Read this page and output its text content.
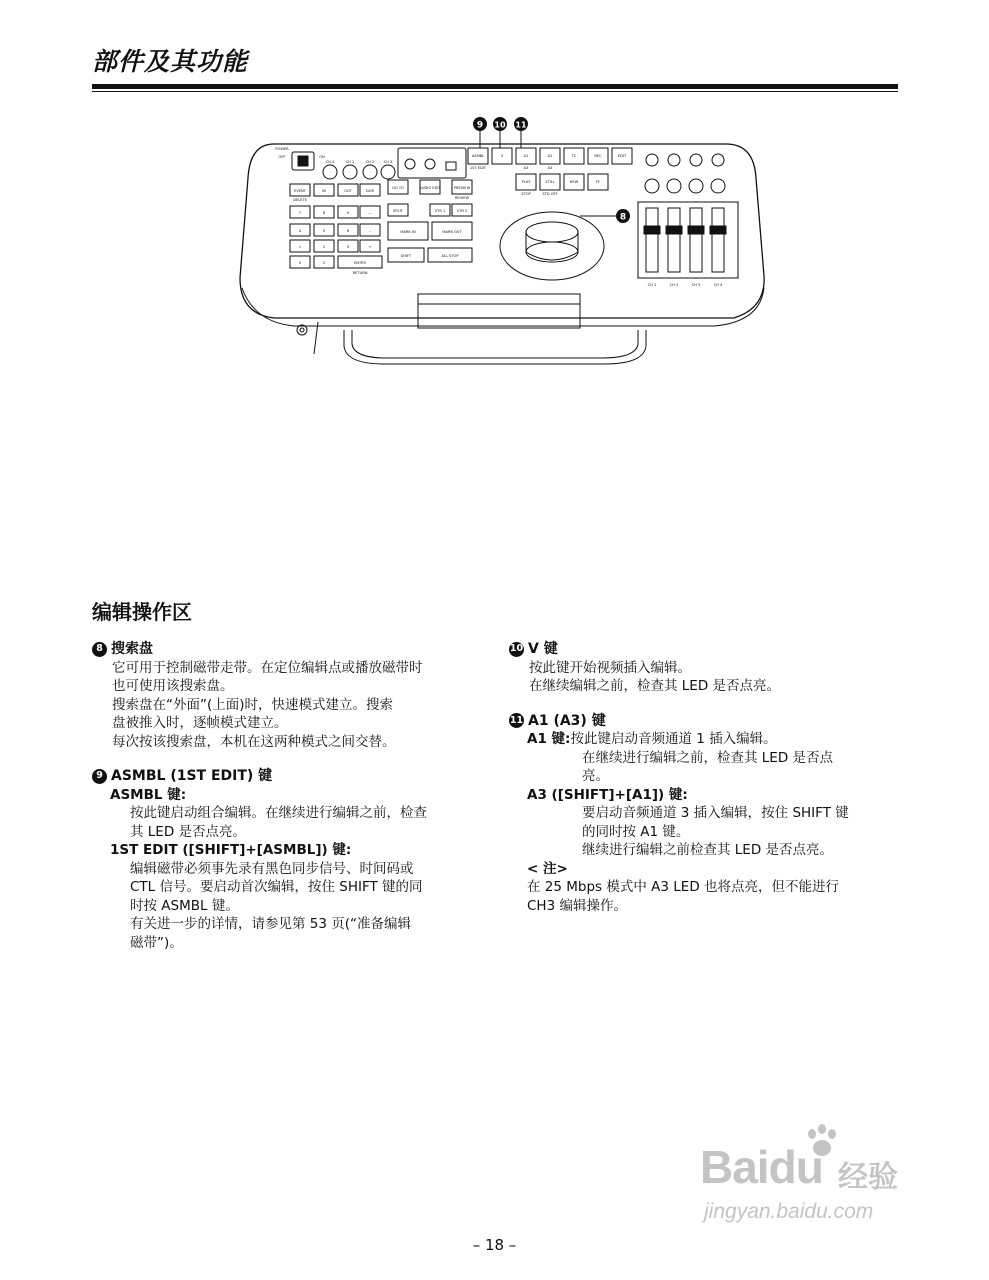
部件及其功能
9 10 11
8
POWER
OFF	ON
CH 1	CH 2	CH 3
CH 4
ASMBL
1ST EDIT
V	A1
A3
A2
A4
TC	REC	EDIT
PLAY
STOP
STILL
STD OFF
REW	FF
EVENT
DELETE
IN	OUT	DUR
GO TO	AUDIO EDIT	PREVIEW
REVIEW
SPLIT	VTR 1	VTR 2
MARK IN	MARK OUT
SHIFT	ALL STOP
ENTER
RETURN
7	8	9	––
4	5	6	–
1	2	3	+
0	C
CH 1	CH 2	CH 3	CH 4
编辑操作区
8 搜索盘
它可用于控制磁带走带。在定位编辑点或播放磁带时
也可使用该搜索盘。
搜索盘在“外面”(上面)时，快速模式建立。搜索
盘被推入时，逐帧模式建立。
每次按该搜索盘，本机在这两种模式之间交替。
9 ASMBL (1ST EDIT) 键
ASMBL 键:
按此键启动组合编辑。在继续进行编辑之前，检查
其 LED 是否点亮。
1ST EDIT ([SHIFT]+[ASMBL]) 键:
编辑磁带必须事先录有黑色同步信号、时间码或
CTL 信号。要启动首次编辑，按住 SHIFT 键的同
时按 ASMBL 键。
有关进一步的详情，请参见第 53 页(“准备编辑
磁带”)。
10 V 键
按此键开始视频插入编辑。
在继续编辑之前，检查其 LED 是否点亮。
11 A1 (A3) 键
A1 键: 按此键启动音频通道 1 插入编辑。
在继续进行编辑之前，检查其 LED 是否点
亮。
A3 ([SHIFT]+[A1]) 键:
要启动音频通道 3 插入编辑，按住 SHIFT 键
的同时按 A1 键。
继续进行编辑之前检查其 LED 是否点亮。
< 注>
在 25 Mbps 模式中 A3 LED 也将点亮，但不能进行
CH3 编辑操作。
Baidu 经验
jingyan.baidu.com
– 18 –
